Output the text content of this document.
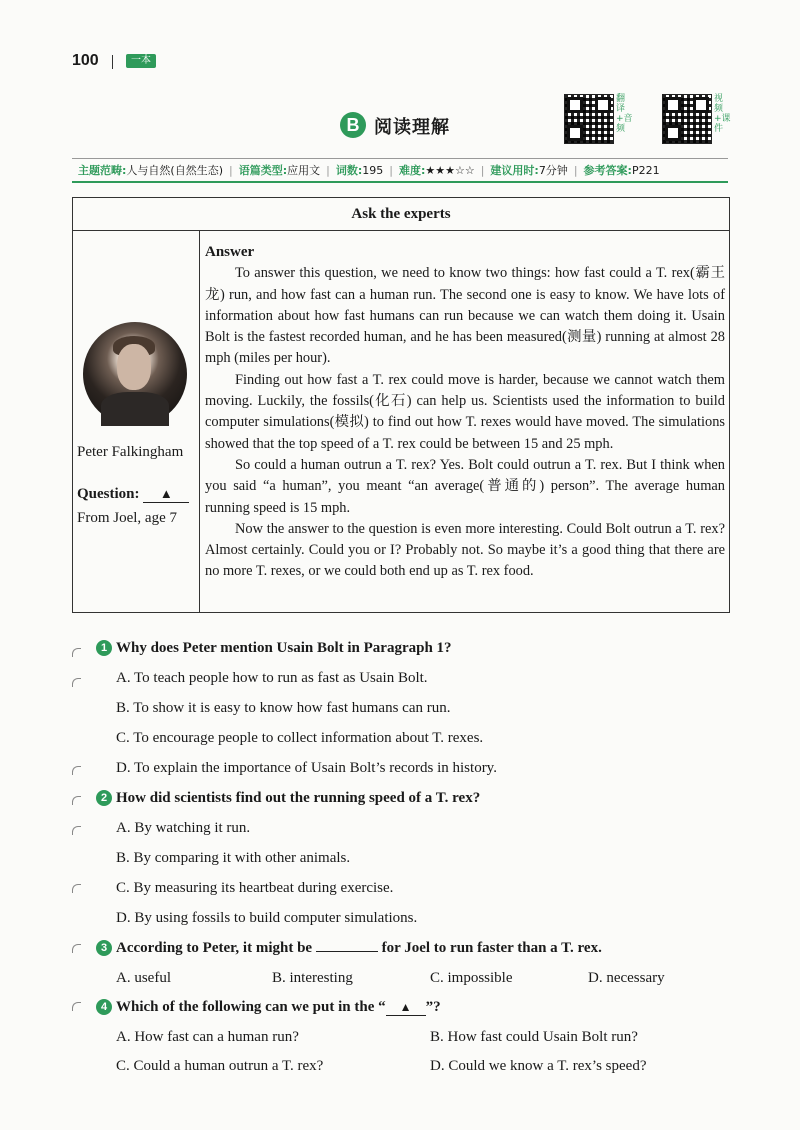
100	一本
B 阅读理解
翻译+音频
视频+课件
主题范畴:人与自然(自然生态) | 语篇类型:应用文 | 词数:195 | 难度:★★★☆☆ | 建议用时:7分钟 | 参考答案:P221
Ask the experts
Peter Falkingham
Question: ▲
From Joel, age 7
Answer

To answer this question, we need to know two things: how fast could a T. rex(霸王龙) run, and how fast can a human run. The second one is easy to know. We have lots of information about how fast humans can run because we can watch them doing it. Usain Bolt is the fastest recorded human, and he has been measured(测量) running at almost 28 mph (miles per hour).

Finding out how fast a T. rex could move is harder, because we cannot watch them moving. Luckily, the fossils(化石) can help us. Scientists used the information to build computer simulations(模拟) to find out how T. rexes would have moved. The simulations showed that the top speed of a T. rex could be between 15 and 25 mph.

So could a human outrun a T. rex? Yes. Bolt could outrun a T. rex. But I think when you said “a human”, you meant “an average(普通的) person”. The average human running speed is 15 mph.

Now the answer to the question is even more interesting. Could Bolt outrun a T. rex? Almost certainly. Could you or I? Probably not. So maybe it’s a good thing that there are no more T. rexes, or we could both end up as T. rex food.

1 Why does Peter mention Usain Bolt in Paragraph 1?
A. To teach people how to run as fast as Usain Bolt.
B. To show it is easy to know how fast humans can run.
C. To encourage people to collect information about T. rexes.
D. To explain the importance of Usain Bolt’s records in history.
2 How did scientists find out the running speed of a T. rex?
A. By watching it run.
B. By comparing it with other animals.
C. By measuring its heartbeat during exercise.
D. By using fossils to build computer simulations.
3 According to Peter, it might be	for Joel to run faster than a T. rex.
A. useful	B. interesting	C. impossible	D. necessary
4 Which of the following can we put in the “ ▲ ”?
A. How fast can a human run?	B. How fast could Usain Bolt run?
C. Could a human outrun a T. rex?	D. Could we know a T. rex’s speed?
